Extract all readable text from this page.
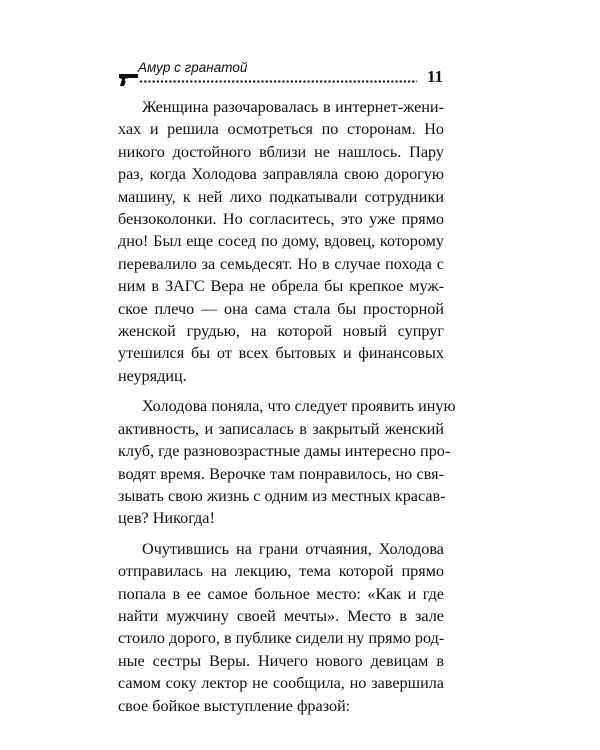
Амур с гранатой	11

Женщина разочаровалась в интернет-жени-
хах и решила осмотреться по сторонам. Но
никого достойного вблизи не нашлось. Пару
раз, когда Холодова заправляла свою дорогую
машину, к ней лихо подкатывали сотрудники
бензоколонки. Но согласитесь, это уже прямо
дно! Был еще сосед по дому, вдовец, которому
перевалило за семьдесят. Но в случае похода с
ним в ЗАГС Вера не обрела бы крепкое муж-
ское плечо — она сама стала бы просторной
женской грудью, на которой новый супруг
утешился бы от всех бытовых и финансовых
неурядиц.

Холодова поняла, что следует проявить иную
активность, и записалась в закрытый женский
клуб, где разновозрастные дамы интересно про-
водят время. Верочке там понравилось, но свя-
зывать свою жизнь с одним из местных красав-
цев? Никогда!

Очутившись на грани отчаяния, Холодова
отправилась на лекцию, тема которой прямо
попала в ее самое больное место: «Как и где
найти мужчину своей мечты». Место в зале
стоило дорого, в публике сидели ну прямо род-
ные сестры Веры. Ничего нового девицам в
самом соку лектор не сообщила, но завершила
свое бойкое выступление фразой:
